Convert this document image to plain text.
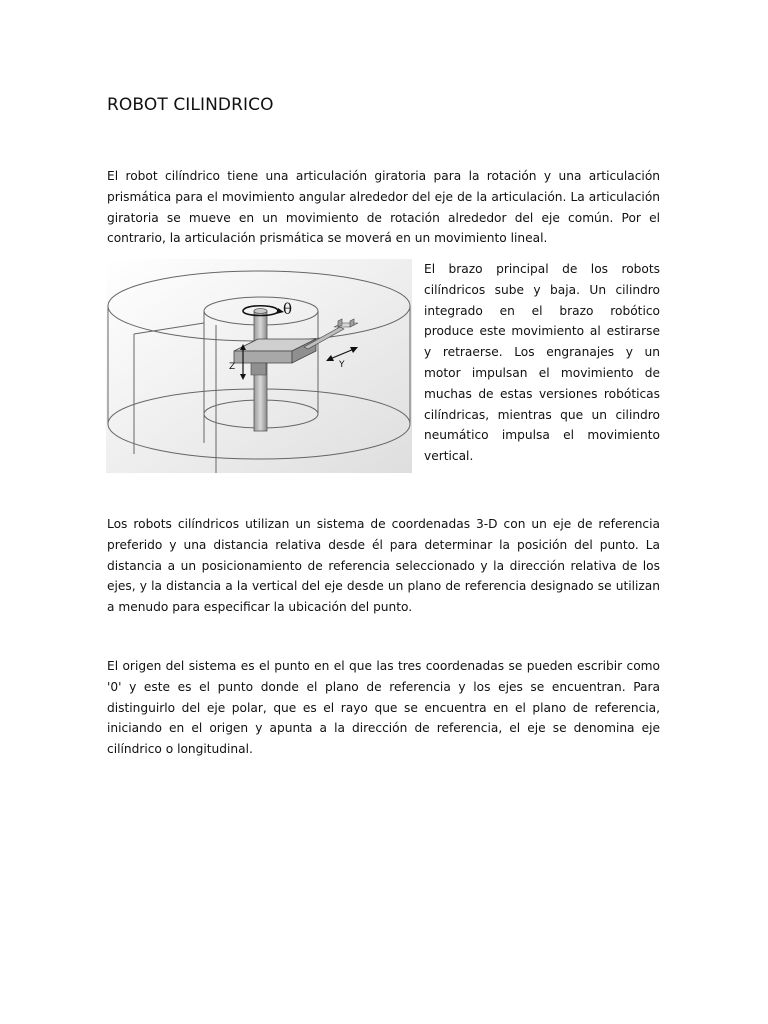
ROBOT CILINDRICO

El robot cilíndrico tiene una articulación giratoria para la rotación y una articulación prismática para el movimiento angular alrededor del eje de la articulación. La articulación giratoria se mueve en un movimiento de rotación alrededor del eje común. Por el contrario, la articulación prismática se moverá en un movimiento lineal.

θ
Z	Y

El brazo principal de los robots cilíndricos sube y baja. Un cilindro integrado en el brazo robótico produce este movimiento al estirarse y retraerse. Los engranajes y un motor impulsan el movimiento de muchas de estas versiones robóticas cilíndricas, mientras que un cilindro neumático impulsa el movimiento vertical.

Los robots cilíndricos utilizan un sistema de coordenadas 3-D con un eje de referencia preferido y una distancia relativa desde él para determinar la posición del punto. La distancia a un posicionamiento de referencia seleccionado y la dirección relativa de los ejes, y la distancia a la vertical del eje desde un plano de referencia designado se utilizan a menudo para especificar la ubicación del punto.

El origen del sistema es el punto en el que las tres coordenadas se pueden escribir como '0' y este es el punto donde el plano de referencia y los ejes se encuentran. Para distinguirlo del eje polar, que es el rayo que se encuentra en el plano de referencia, iniciando en el origen y apunta a la dirección de referencia, el eje se denomina eje cilíndrico o longitudinal.
